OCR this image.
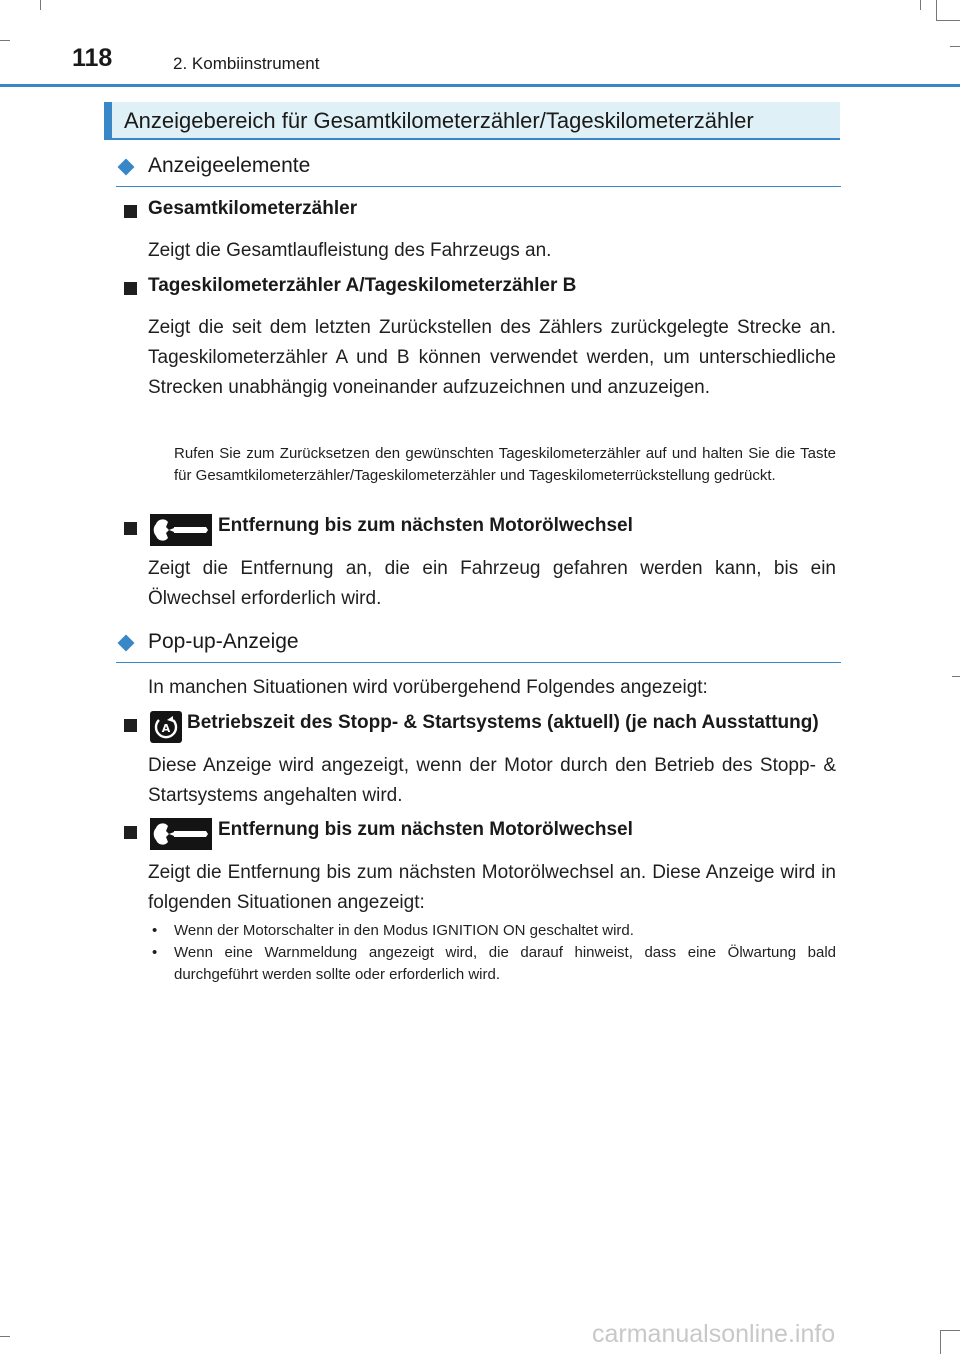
118	2. Kombiinstrument
Anzeigebereich für Gesamtkilometerzähler/Tageskilometerzähler
Anzeigeelemente
Gesamtkilometerzähler
Zeigt die Gesamtlaufleistung des Fahrzeugs an.
Tageskilometerzähler A/Tageskilometerzähler B
Zeigt die seit dem letzten Zurückstellen des Zählers zurückgelegte Strecke an. Tageskilometerzähler A und B können verwendet werden, um unterschiedliche Strecken unabhängig voneinander aufzuzeichnen und anzuzeigen.
Rufen Sie zum Zurücksetzen den gewünschten Tageskilometerzähler auf und halten Sie die Taste für Gesamtkilometerzähler/Tageskilometerzähler und Tageskilometerrückstellung gedrückt.
Entfernung bis zum nächsten Motorölwechsel
Zeigt die Entfernung an, die ein Fahrzeug gefahren werden kann, bis ein Ölwechsel erforderlich wird.
Pop-up-Anzeige
In manchen Situationen wird vorübergehend Folgendes angezeigt:
A Betriebszeit des Stopp- & Startsystems (aktuell) (je nach Ausstattung)
Diese Anzeige wird angezeigt, wenn der Motor durch den Betrieb des Stopp- & Startsystems angehalten wird.
Entfernung bis zum nächsten Motorölwechsel
Zeigt die Entfernung bis zum nächsten Motorölwechsel an. Diese Anzeige wird in folgenden Situationen angezeigt:
• Wenn der Motorschalter in den Modus IGNITION ON geschaltet wird.
• Wenn eine Warnmeldung angezeigt wird, die darauf hinweist, dass eine Ölwartung bald durchgeführt werden sollte oder erforderlich wird.
carmanualsonline.info
